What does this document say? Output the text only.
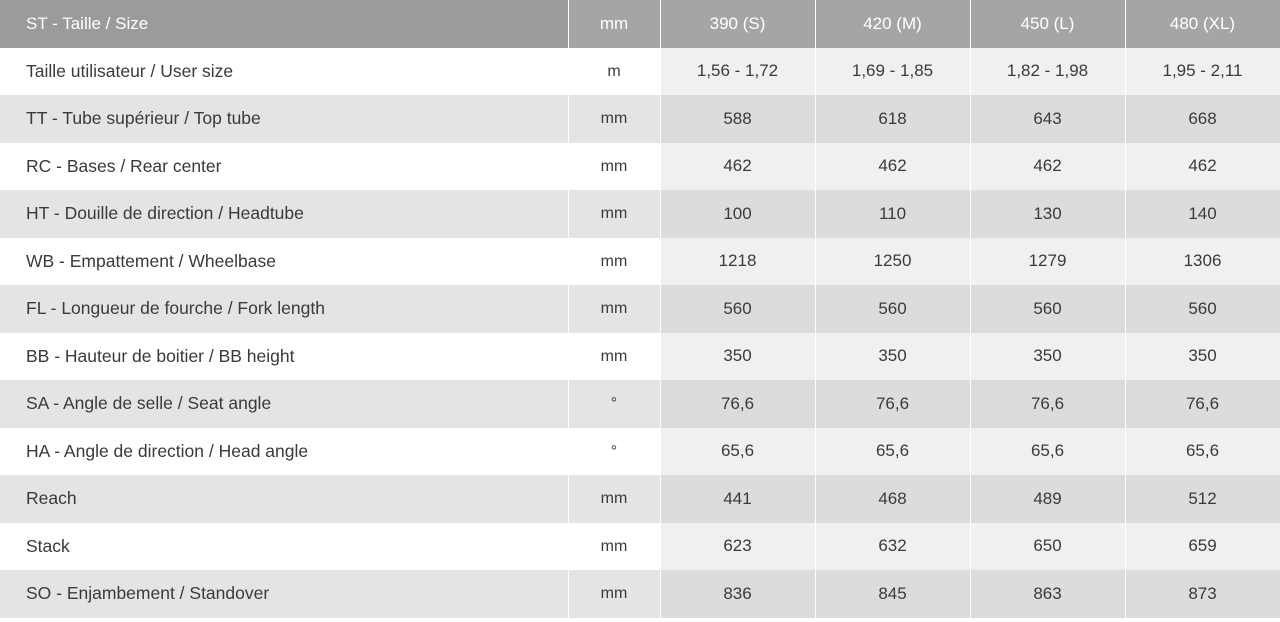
ST - Taille / Size	mm	390 (S)	420 (M)	450 (L)	480 (XL)
Taille utilisateur / User size	m	1,56 - 1,72	1,69 - 1,85	1,82 - 1,98	1,95 - 2,11
TT - Tube supérieur / Top tube	mm	588	618	643	668
RC - Bases / Rear center	mm	462	462	462	462
HT - Douille de direction / Headtube	mm	100	110	130	140
WB - Empattement / Wheelbase	mm	1218	1250	1279	1306
FL - Longueur de fourche / Fork length	mm	560	560	560	560
BB - Hauteur de boitier / BB height	mm	350	350	350	350
SA - Angle de selle / Seat angle	°	76,6	76,6	76,6	76,6
HA - Angle de direction / Head angle	°	65,6	65,6	65,6	65,6
Reach	mm	441	468	489	512
Stack	mm	623	632	650	659
SO - Enjambement / Standover	mm	836	845	863	873
